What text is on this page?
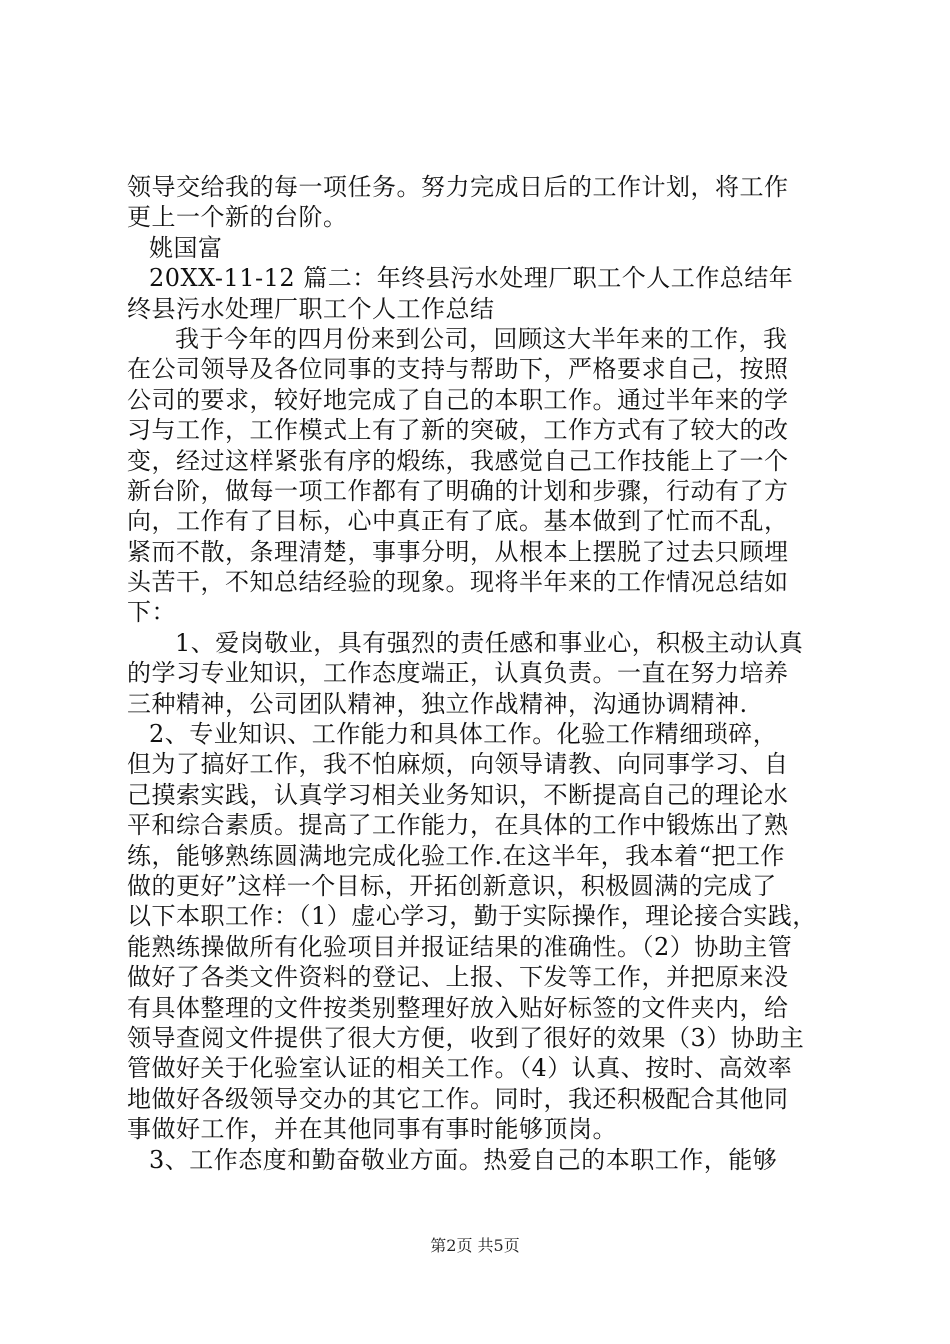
领导交给我的每一项任务。努力完成日后的工作计划，将工作
更上一个新的台阶。
姚国富
20XX-11-12 篇二：年终县污水处理厂职工个人工作总结年
终县污水处理厂职工个人工作总结
我于今年的四月份来到公司，回顾这大半年来的工作，我
在公司领导及各位同事的支持与帮助下，严格要求自己，按照
公司的要求，较好地完成了自己的本职工作。通过半年来的学
习与工作，工作模式上有了新的突破，工作方式有了较大的改
变，经过这样紧张有序的煅练，我感觉自己工作技能上了一个
新台阶，做每一项工作都有了明确的计划和步骤，行动有了方
向，工作有了目标，心中真正有了底。基本做到了忙而不乱，
紧而不散，条理清楚，事事分明，从根本上摆脱了过去只顾埋
头苦干，不知总结经验的现象。现将半年来的工作情况总结如
下：
1、爱岗敬业，具有强烈的责任感和事业心，积极主动认真
的学习专业知识，工作态度端正，认真负责。一直在努力培养
三种精神，公司团队精神，独立作战精神，沟通协调精神.
2、专业知识、工作能力和具体工作。化验工作精细琐碎，
但为了搞好工作，我不怕麻烦，向领导请教、向同事学习、自
己摸索实践，认真学习相关业务知识，不断提高自己的理论水
平和综合素质。提高了工作能力，在具体的工作中锻炼出了熟
练，能够熟练圆满地完成化验工作.在这半年，我本着“把工作
做的更好”这样一个目标，开拓创新意识，积极圆满的完成了
以下本职工作：（1）虚心学习，勤于实际操作，理论接合实践，
能熟练操做所有化验项目并报证结果的准确性。（2）协助主管
做好了各类文件资料的登记、上报、下发等工作，并把原来没
有具体整理的文件按类别整理好放入贴好标签的文件夹内，给
领导查阅文件提供了很大方便，收到了很好的效果（3）协助主
管做好关于化验室认证的相关工作。（4）认真、按时、高效率
地做好各级领导交办的其它工作。同时，我还积极配合其他同
事做好工作，并在其他同事有事时能够顶岗。
3、工作态度和勤奋敬业方面。热爱自己的本职工作，能够
第2页 共5页
